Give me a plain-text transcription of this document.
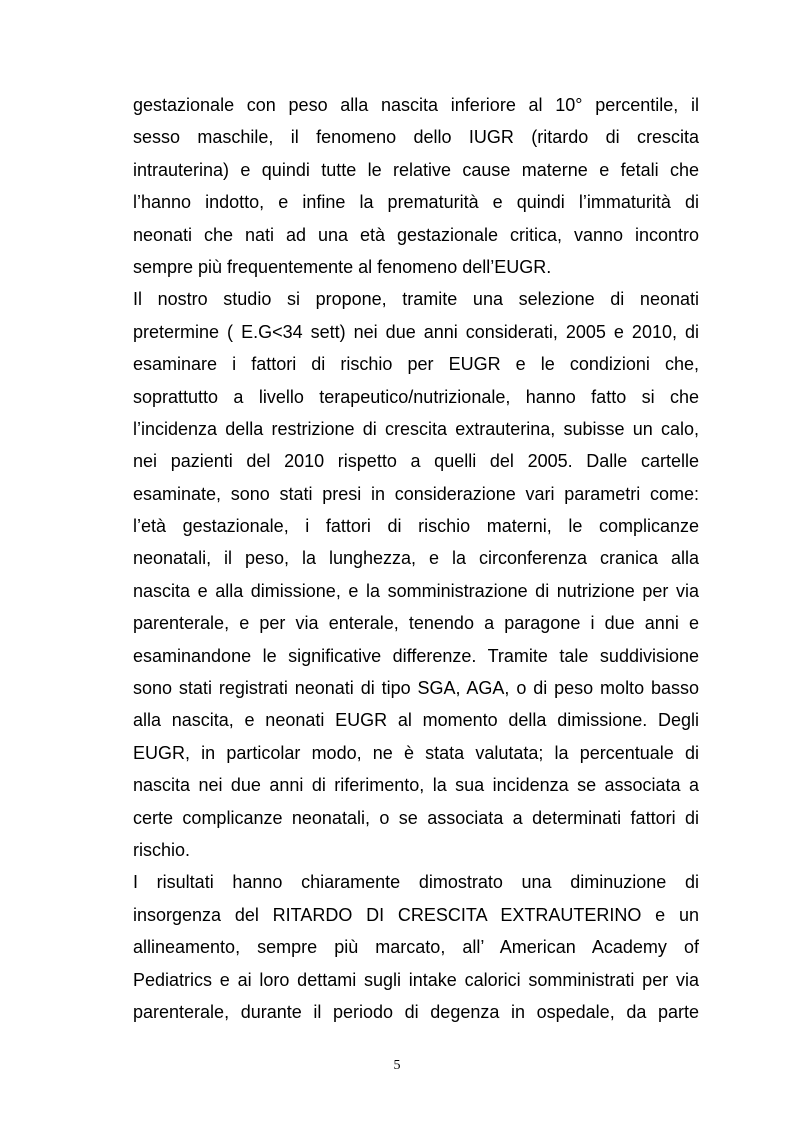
gestazionale con peso alla nascita inferiore al 10° percentile, il
sesso maschile, il fenomeno dello IUGR (ritardo di crescita
intrauterina) e quindi tutte le relative cause materne e fetali che
l’hanno indotto, e infine la prematurità e quindi l’immaturità di
neonati che nati ad una età gestazionale critica, vanno incontro
sempre più frequentemente al fenomeno dell’EUGR.
Il nostro studio si propone, tramite una selezione di neonati
pretermine ( E.G<34 sett) nei due anni considerati, 2005 e 2010, di
esaminare i fattori di rischio per EUGR e le condizioni che,
soprattutto a livello terapeutico/nutrizionale, hanno fatto si che
l’incidenza della restrizione di crescita extrauterina, subisse un calo,
nei pazienti del 2010 rispetto a quelli del 2005. Dalle cartelle
esaminate, sono stati presi in considerazione vari parametri come:
l’età gestazionale, i fattori di rischio materni, le complicanze
neonatali, il peso, la lunghezza, e la circonferenza cranica alla
nascita e alla dimissione, e la somministrazione di nutrizione per via
parenterale, e per via enterale, tenendo a paragone i due anni e
esaminandone le significative differenze. Tramite tale suddivisione
sono stati registrati neonati di tipo SGA, AGA, o di peso molto basso
alla nascita, e neonati EUGR al momento della dimissione. Degli
EUGR, in particolar modo, ne è stata valutata; la percentuale di
nascita nei due anni di riferimento, la sua incidenza se associata a
certe complicanze neonatali, o se associata a determinati fattori di
rischio.
I risultati hanno chiaramente dimostrato una diminuzione di
insorgenza del RITARDO DI CRESCITA EXTRAUTERINO e un
allineamento, sempre più marcato, all’ American Academy of
Pediatrics e ai loro dettami sugli intake calorici somministrati per via
parenterale, durante il periodo di degenza in ospedale, da parte
5
